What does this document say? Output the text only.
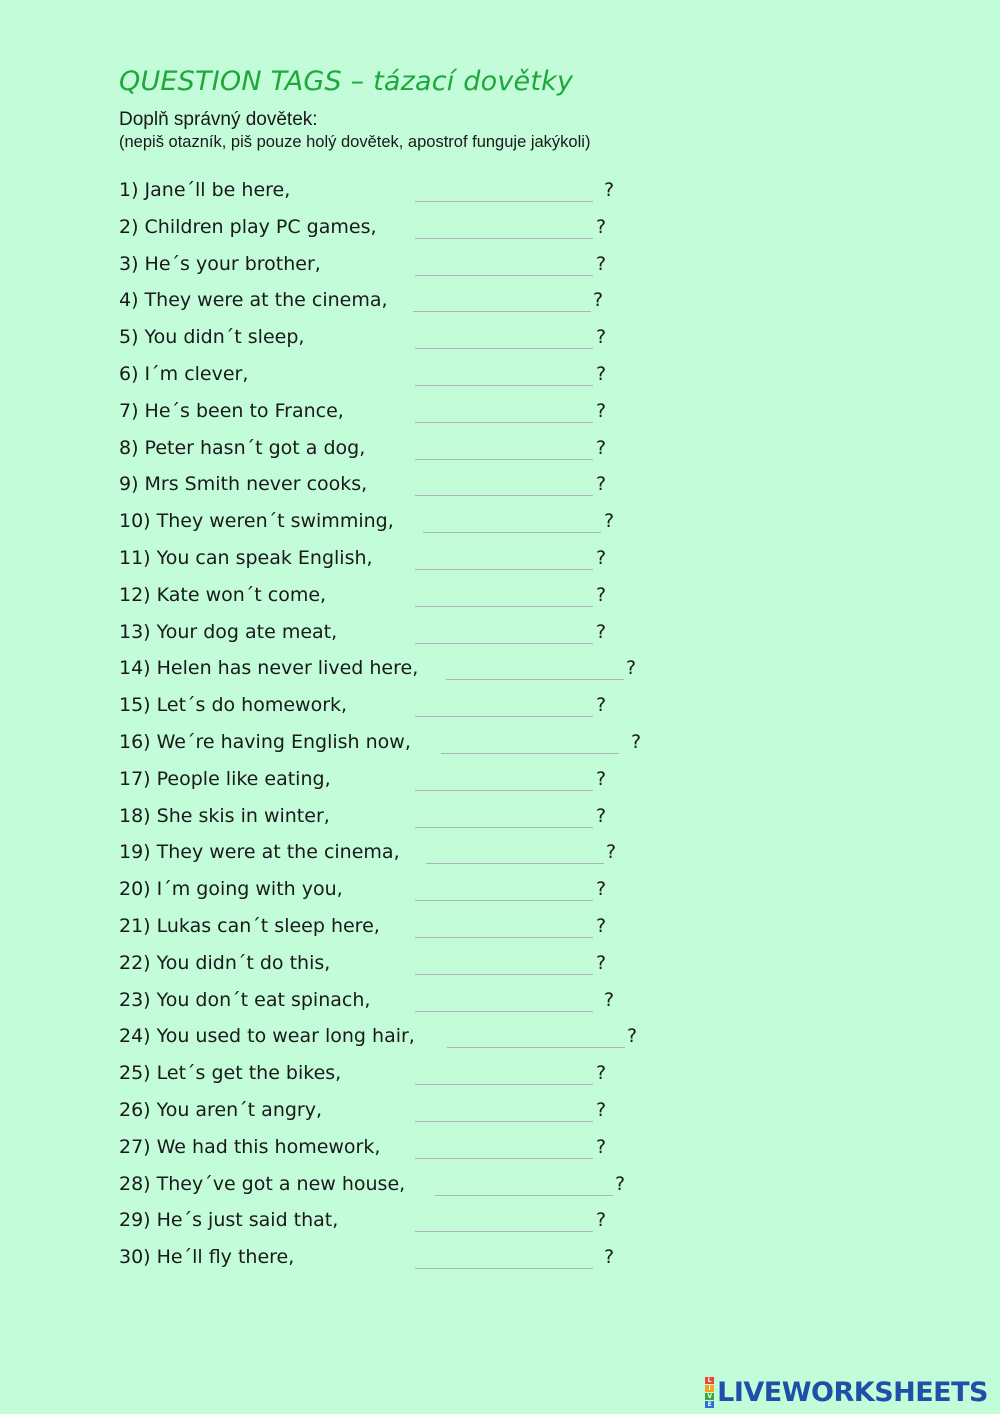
QUESTION TAGS – tázací dovětky
Doplň správný dovětek:
(nepiš otazník, piš pouze holý dovětek, apostrof funguje jakýkoli)
1) Jane´ll be here,	?
2) Children play PC games,	?
3) He´s your brother,	?
4) They were at the cinema,	?
5) You didn´t sleep,	?
6) I´m clever,	?
7) He´s been to France,	?
8) Peter hasn´t got a dog,	?
9) Mrs Smith never cooks,	?
10) They weren´t swimming,	?
11) You can speak English,	?
12) Kate won´t come,	?
13) Your dog ate meat,	?
14) Helen has never lived here,	?
15) Let´s do homework,	?
16) We´re having English now,	?
17) People like eating,	?
18) She skis in winter,	?
19) They were at the cinema,	?
20) I´m going with you,	?
21) Lukas can´t sleep here,	?
22) You didn´t do this,	?
23) You don´t eat spinach,	?
24) You used to wear long hair,	?
25) Let´s get the bikes,	?
26) You aren´t angry,	?
27) We had this homework,	?
28) They´ve got a new house,	?
29) He´s just said that,	?
30) He´ll fly there,	?
L
I
V
E LIVEWORKSHEETS
